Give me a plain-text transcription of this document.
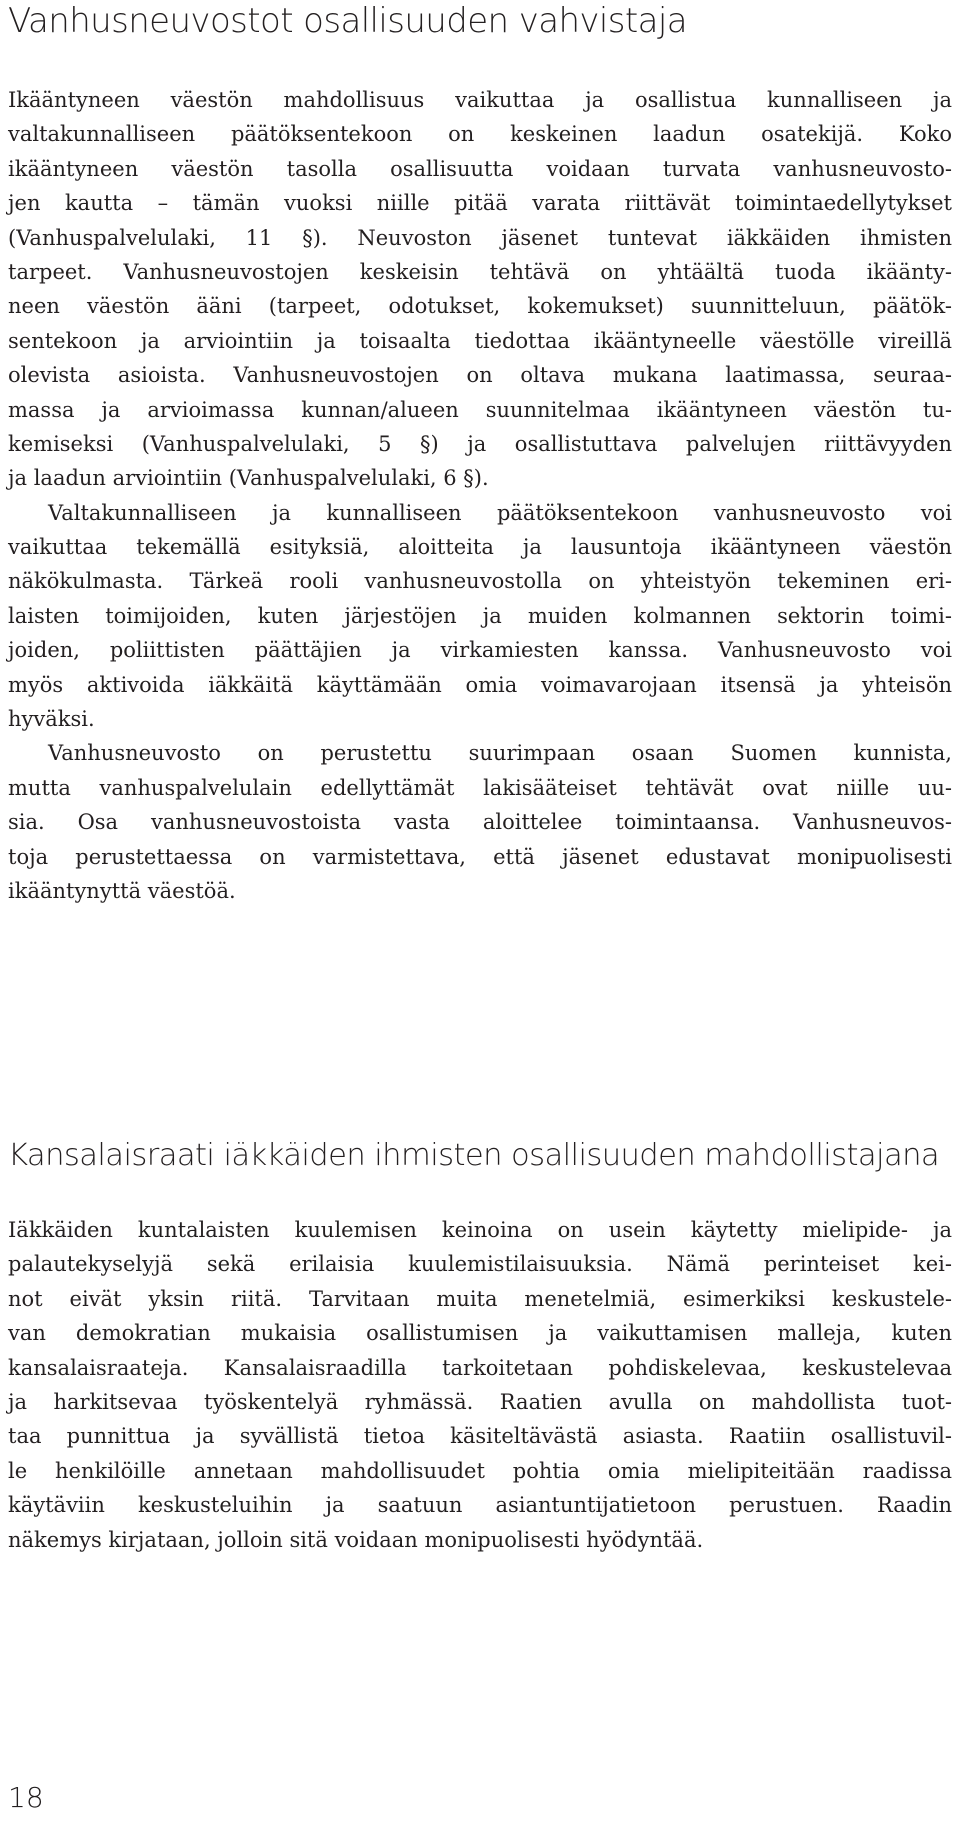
Vanhusneuvostot osallisuuden vahvistaja
Ikääntyneen väestön mahdollisuus vaikuttaa ja osallistua kunnalliseen ja
valtakunnalliseen päätöksentekoon on keskeinen laadun osatekijä. Koko
ikääntyneen väestön tasolla osallisuutta voidaan turvata vanhusneuvosto-
jen kautta – tämän vuoksi niille pitää varata riittävät toimintaedellytykset
(Vanhuspalvelulaki, 11 §). Neuvoston jäsenet tuntevat iäkkäiden ihmisten
tarpeet. Vanhusneuvostojen keskeisin tehtävä on yhtäältä tuoda ikäänty-
neen väestön ääni (tarpeet, odotukset, kokemukset) suunnitteluun, päätök-
sentekoon ja arviointiin ja toisaalta tiedottaa ikääntyneelle väestölle vireillä
olevista asioista. Vanhusneuvostojen on oltava mukana laatimassa, seuraa-
massa ja arvioimassa kunnan/alueen suunnitelmaa ikääntyneen väestön tu-
kemiseksi (Vanhuspalvelulaki, 5 §) ja osallistuttava palvelujen riittävyyden
ja laadun arviointiin (Vanhuspalvelulaki, 6 §).
Valtakunnalliseen ja kunnalliseen päätöksentekoon vanhusneuvosto voi
vaikuttaa tekemällä esityksiä, aloitteita ja lausuntoja ikääntyneen väestön
näkökulmasta. Tärkeä rooli vanhusneuvostolla on yhteistyön tekeminen eri-
laisten toimijoiden, kuten järjestöjen ja muiden kolmannen sektorin toimi-
joiden, poliittisten päättäjien ja virkamiesten kanssa. Vanhusneuvosto voi
myös aktivoida iäkkäitä käyttämään omia voimavarojaan itsensä ja yhteisön
hyväksi.
Vanhusneuvosto on perustettu suurimpaan osaan Suomen kunnista,
mutta vanhuspalvelulain edellyttämät lakisääteiset tehtävät ovat niille uu-
sia. Osa vanhusneuvostoista vasta aloittelee toimintaansa. Vanhusneuvos-
toja perustettaessa on varmistettava, että jäsenet edustavat monipuolisesti
ikääntynyttä väestöä.
Kansalaisraati iäkkäiden ihmisten osallisuuden mahdollistajana
Iäkkäiden kuntalaisten kuulemisen keinoina on usein käytetty mielipide- ja
palautekyselyjä sekä erilaisia kuulemistilaisuuksia. Nämä perinteiset kei-
not eivät yksin riitä. Tarvitaan muita menetelmiä, esimerkiksi keskustele-
van demokratian mukaisia osallistumisen ja vaikuttamisen malleja, kuten
kansalaisraateja. Kansalaisraadilla tarkoitetaan pohdiskelevaa, keskustelevaa
ja harkitsevaa työskentelyä ryhmässä. Raatien avulla on mahdollista tuot-
taa punnittua ja syvällistä tietoa käsiteltävästä asiasta. Raatiin osallistuvil-
le henkilöille annetaan mahdollisuudet pohtia omia mielipiteitään raadissa
käytäviin keskusteluihin ja saatuun asiantuntijatietoon perustuen. Raadin
näkemys kirjataan, jolloin sitä voidaan monipuolisesti hyödyntää.
18
